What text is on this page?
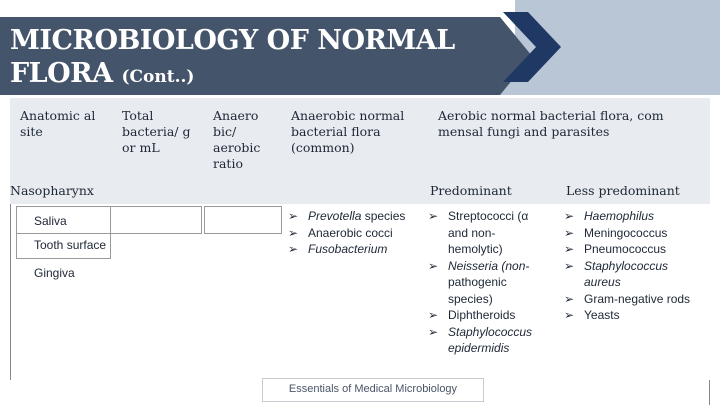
MICROBIOLOGY OF NORMAL FLORA (Cont..)
Anatomic al site
Total bacteria/ g or mL
Anaero bic/ aerobic ratio
Anaerobic normal bacterial flora (common)
Aerobic normal bacterial flora, com mensal fungi and parasites
Nasopharynx	Predominant	Less predominant
Saliva
Tooth surface
Gingiva
➢ Prevotella species
➢ Anaerobic cocci
➢ Fusobacterium
➢ Streptococci (α
and non-
hemolytic)
➢ Neisseria (non-
pathogenic
species)
➢ Diphtheroids
➢ Staphylococcus
epidermidis
➢ Haemophilus
➢ Meningococcus
➢ Pneumococcus
➢ Staphylococcus
aureus
➢ Gram-negative rods
➢ Yeasts
Essentials of Medical Microbiology
